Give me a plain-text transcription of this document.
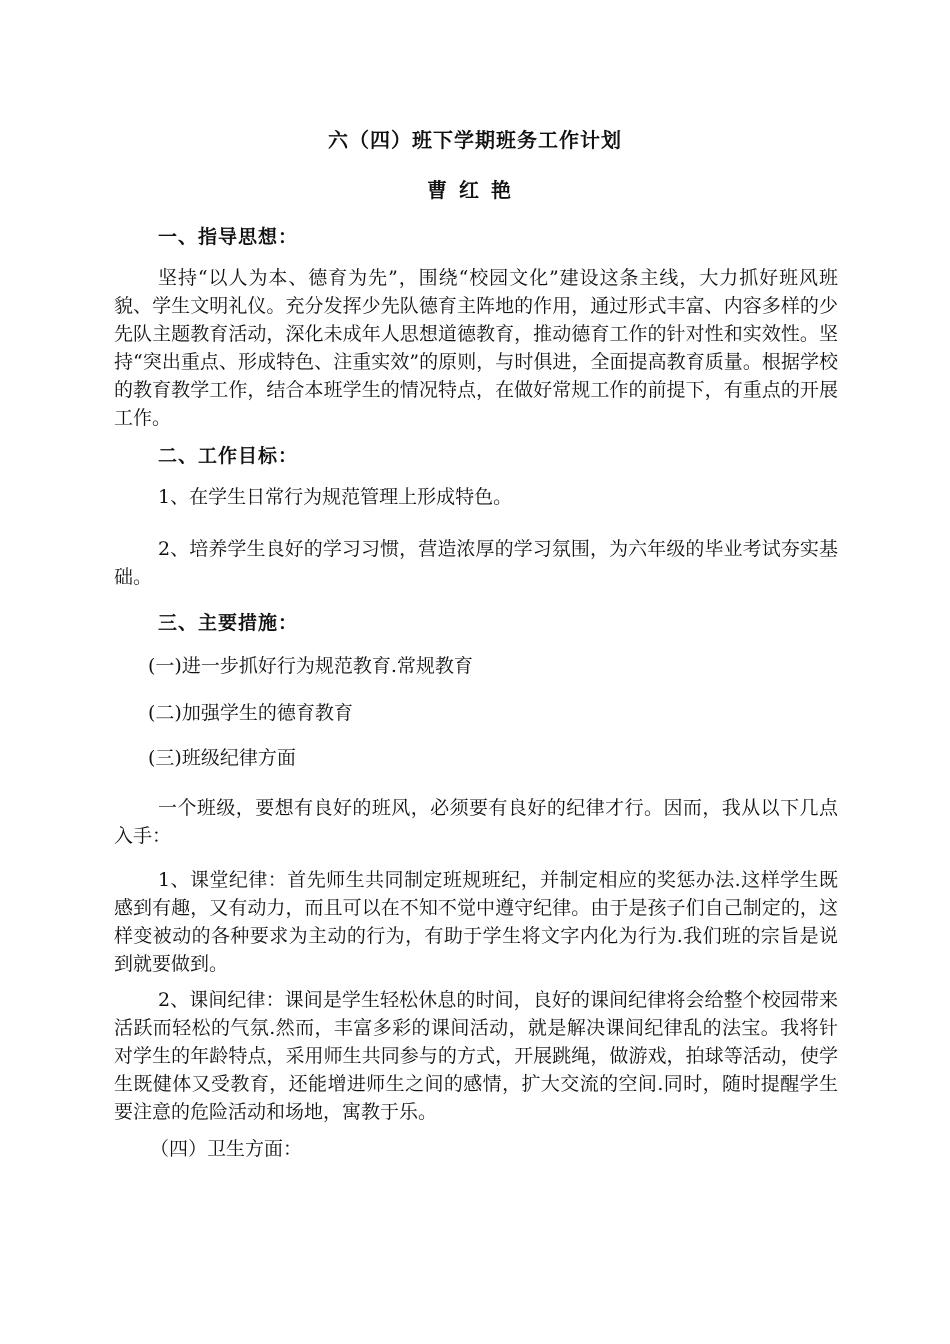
六（四）班下学期班务工作计划
曹红艳
一、指导思想：

坚持“以人为本、德育为先”，围绕“校园文化”建设这条主线，大力抓好班风班貌、学生文明礼仪。充分发挥少先队德育主阵地的作用，通过形式丰富、内容多样的少先队主题教育活动，深化未成年人思想道德教育，推动德育工作的针对性和实效性。坚持“突出重点、形成特色、注重实效”的原则，与时俱进，全面提高教育质量。根据学校的教育教学工作，结合本班学生的情况特点，在做好常规工作的前提下，有重点的开展工作。

二、工作目标：

1、在学生日常行为规范管理上形成特色。

2、培养学生良好的学习习惯，营造浓厚的学习氛围，为六年级的毕业考试夯实基础。

三、主要措施：
(一)进一步抓好行为规范教育.常规教育
(二)加强学生的德育教育
(三)班级纪律方面

一个班级，要想有良好的班风，必须要有良好的纪律才行。因而，我从以下几点入手：

1、课堂纪律：首先师生共同制定班规班纪，并制定相应的奖惩办法.这样学生既感到有趣，又有动力，而且可以在不知不觉中遵守纪律。由于是孩子们自己制定的，这样变被动的各种要求为主动的行为，有助于学生将文字内化为行为.我们班的宗旨是说到就要做到。

2、课间纪律：课间是学生轻松休息的时间，良好的课间纪律将会给整个校园带来活跃而轻松的气氛.然而，丰富多彩的课间活动，就是解决课间纪律乱的法宝。我将针对学生的年龄特点，采用师生共同参与的方式，开展跳绳，做游戏，拍球等活动，使学生既健体又受教育，还能增进师生之间的感情，扩大交流的空间.同时，随时提醒学生要注意的危险活动和场地，寓教于乐。

（四）卫生方面：
